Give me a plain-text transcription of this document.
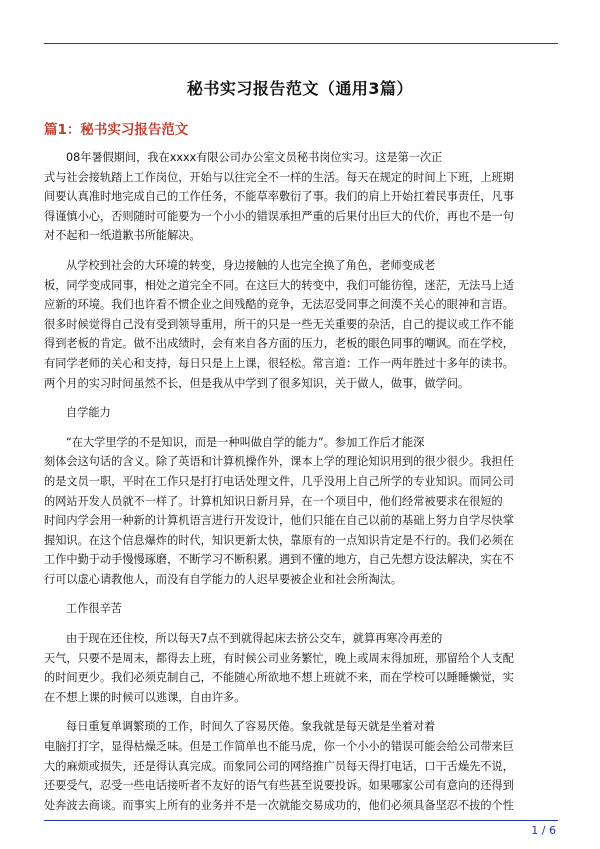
秘书实习报告范文（通用3篇）
篇1：秘书实习报告范文
08年暑假期间，我在xxxx有限公司办公室文员秘书岗位实习。这是第一次正
式与社会接轨踏上工作岗位，开始与以往完全不一样的生活。每天在规定的时间上下班，上班期
间要认真准时地完成自己的工作任务，不能草率敷衍了事。我们的肩上开始扛着民事责任，凡事
得谨慎小心，否则随时可能要为一个小小的错误承担严重的后果付出巨大的代价，再也不是一句
对不起和一纸道歉书所能解决。
从学校到社会的大环境的转变，身边接触的人也完全换了角色，老师变成老
板，同学变成同事，相处之道完全不同。在这巨大的转变中，我们可能彷徨，迷茫，无法马上适
应新的环境。我们也许看不惯企业之间残酷的竞争，无法忍受同事之间漠不关心的眼神和言语。
很多时候觉得自己没有受到领导重用，所干的只是一些无关重要的杂活，自己的提议或工作不能
得到老板的肯定。做不出成绩时，会有来自各方面的压力，老板的眼色同事的嘲讽。而在学校，
有同学老师的关心和支持，每日只是上上课，很轻松。常言道：工作一两年胜过十多年的读书。
两个月的实习时间虽然不长，但是我从中学到了很多知识，关于做人，做事，做学问。
自学能力
“在大学里学的不是知识，而是一种叫做自学的能力”。参加工作后才能深
刻体会这句话的含义。除了英语和计算机操作外，课本上学的理论知识用到的很少很少。我担任
的是文员一职，平时在工作只是打打电话处理文件，几乎没用上自己所学的专业知识。而同公司
的网站开发人员就不一样了。计算机知识日新月异，在一个项目中，他们经常被要求在很短的
时间内学会用一种新的计算机语言进行开发设计，他们只能在自己以前的基础上努力自学尽快掌
握知识。在这个信息爆炸的时代，知识更新太快，靠原有的一点知识肯定是不行的。我们必须在
工作中勤于动手慢慢琢磨，不断学习不断积累。遇到不懂的地方，自己先想方设法解决，实在不
行可以虚心请教他人，而没有自学能力的人迟早要被企业和社会所淘汰。
工作很辛苦
由于现在还住校，所以每天7点不到就得起床去挤公交车，就算再寒冷再差的
天气，只要不是周末，都得去上班，有时候公司业务繁忙，晚上或周末得加班，那留给个人支配
的时间更少。我们必须克制自己，不能随心所欲地不想上班就不来，而在学校可以睡睡懒觉，实
在不想上课的时候可以逃课，自由许多。
每日重复单调繁琐的工作，时间久了容易厌倦。象我就是每天就是坐着对着
电脑打打字，显得枯燥乏味。但是工作简单也不能马虎，你一个小小的错误可能会给公司带来巨
大的麻烦或损失，还是得认真完成。而象同公司的网络推广员每天得打电话，口干舌燥先不说，
还要受气，忍受一些电话接听者不友好的语气有些甚至说要投诉。如果哪家公司有意向的还得到
处奔波去商谈。而事实上所有的业务并不是一次就能交易成功的，他们必须具备坚忍不拔的个性
1 / 6
